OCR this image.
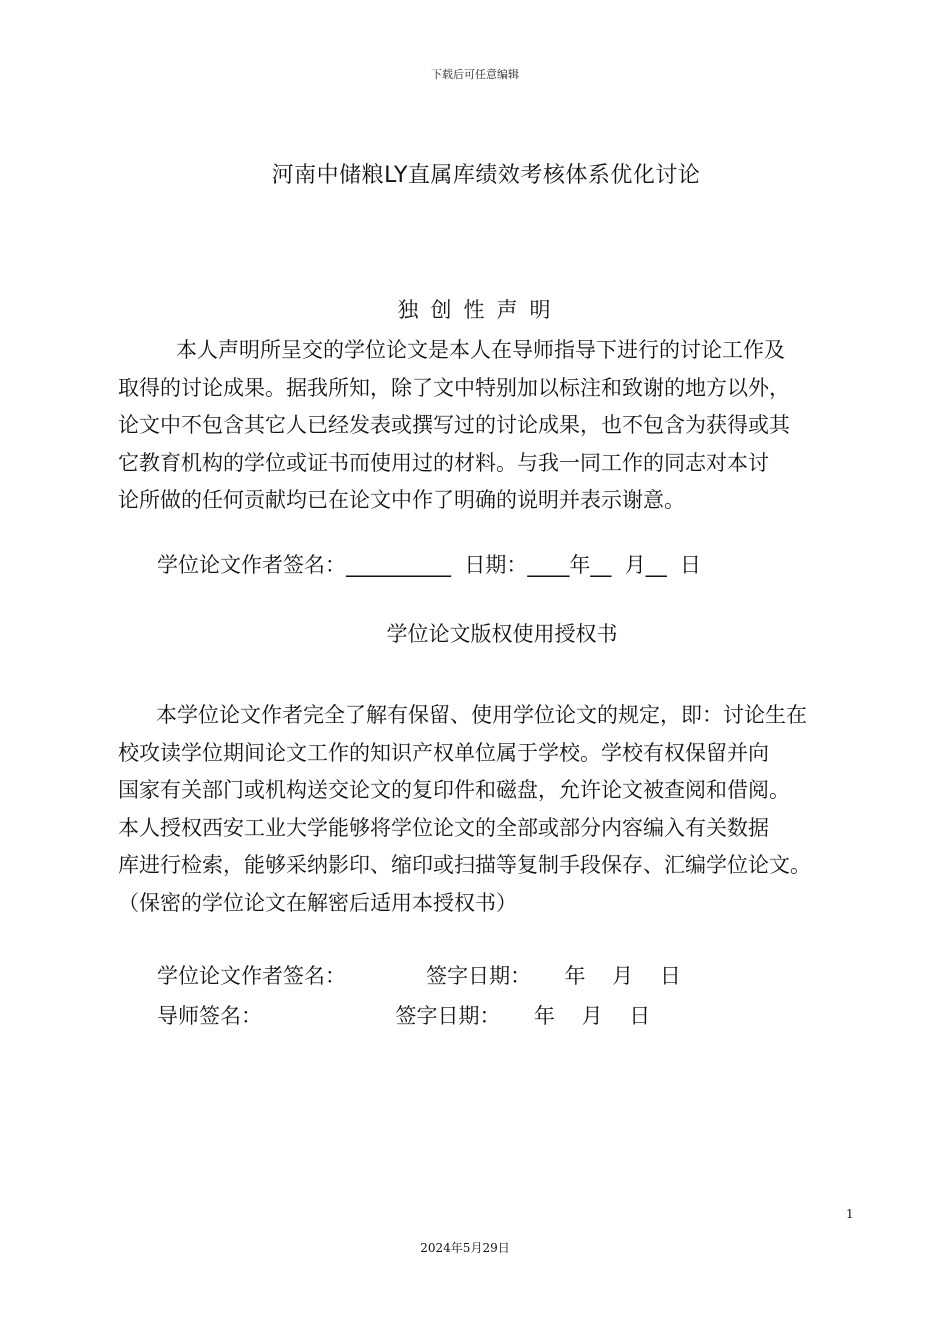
下载后可任意编辑
河南中储粮LY直属库绩效考核体系优化讨论
独创性声明
本人声明所呈交的学位论文是本人在导师指导下进行的讨论工作及
取得的讨论成果。据我所知，除了文中特别加以标注和致谢的地方以外，
论文中不包含其它人已经发表或撰写过的讨论成果，也不包含为获得或其
它教育机构的学位或证书而使用过的材料。与我一同工作的同志对本讨
论所做的任何贡献均已在论文中作了明确的说明并表示谢意。
学位论文作者签名：__________  日期：____年__  月__  日
学位论文版权使用授权书
本学位论文作者完全了解有保留、使用学位论文的规定，即：讨论生在
校攻读学位期间论文工作的知识产权单位属于学校。学校有权保留并向
国家有关部门或机构送交论文的复印件和磁盘，允许论文被查阅和借阅。
本人授权西安工业大学能够将学位论文的全部或部分内容编入有关数据
库进行检索，能够采纳影印、缩印或扫描等复制手段保存、汇编学位论文。
（保密的学位论文在解密后适用本授权书）
学位论文作者签名：            签字日期：     年    月    日
导师签名：                    签字日期：     年    月    日
1
2024年5月29日
